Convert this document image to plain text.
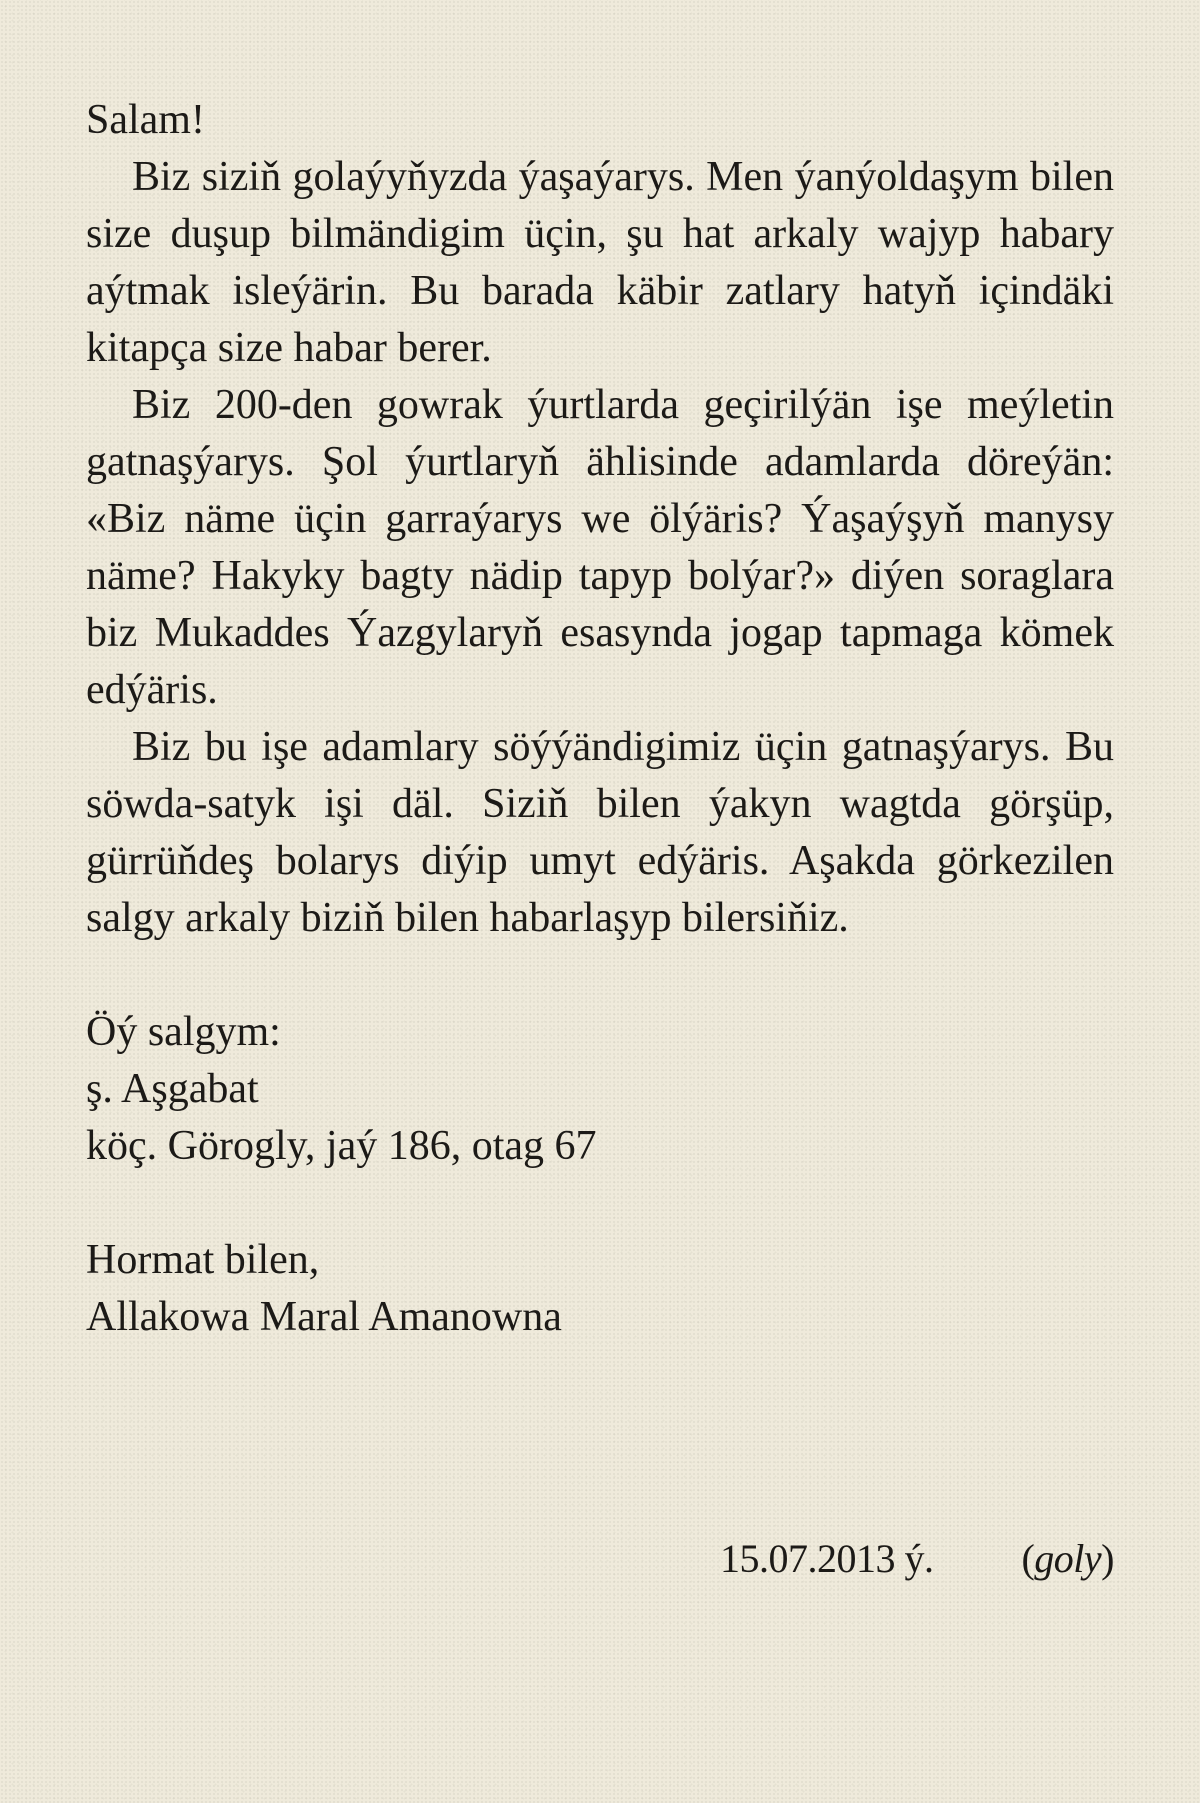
Salam!

Biz siziň golaýyňyzda ýaşaýarys. Men ýanýoldaşym bilen size duşup bilmändigim üçin, şu hat arkaly wajyp habary aýtmak isleýärin. Bu barada käbir zatlary hatyň içindäki kitapça size habar berer.

Biz 200-den gowrak ýurtlarda geçirilýän işe meýletin gatnaşýarys. Şol ýurtlaryň ählisinde adamlarda döreýän: «Biz näme üçin garraýarys we ölýäris? Ýaşaýşyň manysy näme? Hakyky bagty nädip tapyp bolýar?» diýen soraglara biz Mukaddes Ýazgylaryň esasynda jogap tapmaga kömek edýäris.

Biz bu işe adamlary söýýändigimiz üçin gatnaşýarys. Bu söwda-satyk işi däl. Siziň bilen ýakyn wagtda görşüp, gürrüňdeş bolarys diýip umyt edýäris. Aşakda görkezilen salgy arkaly biziň bilen habarlaşyp bilersiňiz.

Öý salgym:
ş. Aşgabat
köç. Görogly, jaý 186, otag 67
Hormat bilen,
Allakowa Maral Amanowna
15.07.2013 ý. (goly)
